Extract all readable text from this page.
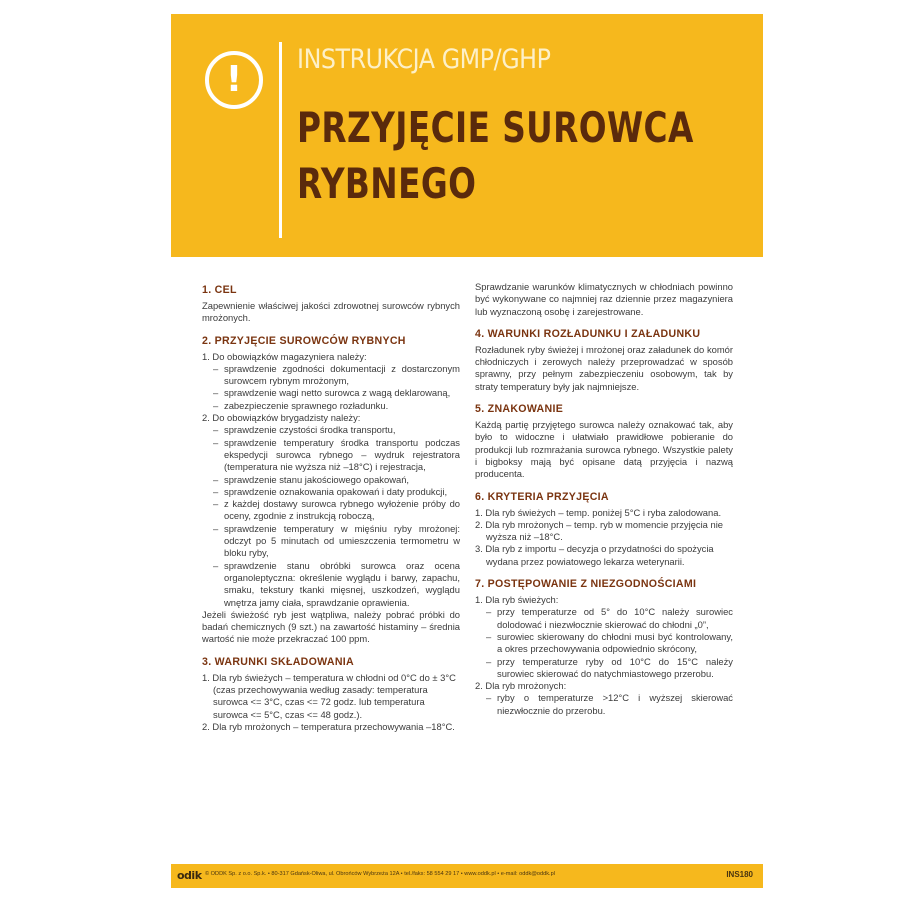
!	INSTRUKCJA GMP/GHP
PRZYJĘCIE SUROWCA
RYBNEGO
1. CEL

Zapewnienie właściwej jakości zdrowotnej surowców rybnych mrożonych.

2. PRZYJĘCIE SUROWCÓW RYBNYCH

1. Do obowiązków magazyniera należy:

– sprawdzenie zgodności dokumentacji z dostarczonym surowcem rybnym mrożonym,

– sprawdzenie wagi netto surowca z wagą deklarowaną,

– zabezpieczenie sprawnego rozładunku.

2. Do obowiązków brygadzisty należy:

– sprawdzenie czystości środka transportu,

– sprawdzenie temperatury środka transportu podczas ekspedycji surowca rybnego – wydruk rejestratora (temperatura nie wyższa niż –18°C) i rejestracja,

– sprawdzenie stanu jakościowego opakowań,

– sprawdzenie oznakowania opakowań i daty produkcji,

– z każdej dostawy surowca rybnego wyłożenie próby do oceny, zgodnie z instrukcją roboczą,

– sprawdzenie temperatury w mięśniu ryby mrożonej: odczyt po 5 minutach od umieszczenia termometru w bloku ryby,

– sprawdzenie stanu obróbki surowca oraz ocena organoleptyczna: określenie wyglądu i barwy, zapachu, smaku, tekstury tkanki mięsnej, uszkodzeń, wyglądu wnętrza jamy ciała, sprawdzanie oprawienia.

Jeżeli świeżość ryb jest wątpliwa, należy pobrać próbki do badań chemicznych (9 szt.) na zawartość histaminy – średnia wartość nie może przekraczać 100 ppm.

3. WARUNKI SKŁADOWANIA

1. Dla ryb świeżych – temperatura w chłodni od 0°C do ± 3°C (czas przechowywania według zasady: temperatura surowca <= 3°C, czas <= 72 godz. lub temperatura surowca <= 5°C, czas <= 48 godz.).

2. Dla ryb mrożonych – temperatura przechowywania –18°C.

Sprawdzanie warunków klimatycznych w chłodniach powinno być wykonywane co najmniej raz dziennie przez magazyniera lub wyznaczoną osobę i zarejestrowane.

4. WARUNKI ROZŁADUNKU I ZAŁADUNKU

Rozładunek ryby świeżej i mrożonej oraz załadunek do komór chłodniczych i zerowych należy przeprowadzać w sposób sprawny, przy pełnym zabezpieczeniu osobowym, tak by straty temperatury były jak najmniejsze.

5. ZNAKOWANIE

Każdą partię przyjętego surowca należy oznakować tak, aby było to widoczne i ułatwiało prawidłowe pobieranie do produkcji lub rozmrażania surowca rybnego. Wszystkie palety i bigboksy mają być opisane datą przyjęcia i nazwą producenta.

6. KRYTERIA PRZYJĘCIA

1. Dla ryb świeżych – temp. poniżej 5°C i ryba zalodowana.

2. Dla ryb mrożonych – temp. ryb w momencie przyjęcia nie wyższa niż –18°C.

3. Dla ryb z importu – decyzja o przydatności do spożycia wydana przez powiatowego lekarza weterynarii.

7. POSTĘPOWANIE Z NIEZGODNOŚCIAMI

1. Dla ryb świeżych:

– przy temperaturze od 5° do 10°C należy surowiec dolodować i niezwłocznie skierować do chłodni „0”,

– surowiec skierowany do chłodni musi być kontrolowany, a okres przechowywania odpowiednio skrócony,

– przy temperaturze ryby od 10°C do 15°C należy surowiec skierować do natychmiastowego przerobu.

2. Dla ryb mrożonych:

– ryby o temperaturze >12°C i wyższej skierować niezwłocznie do przerobu.

odik © ODDK Sp. z o.o. Sp.k. • 80-317 Gdańsk-Oliwa, ul. Obrońców Wybrzeża 12A • tel./faks: 58 554 29 17 • www.oddk.pl • e-mail: oddk@oddk.pl	INS180
